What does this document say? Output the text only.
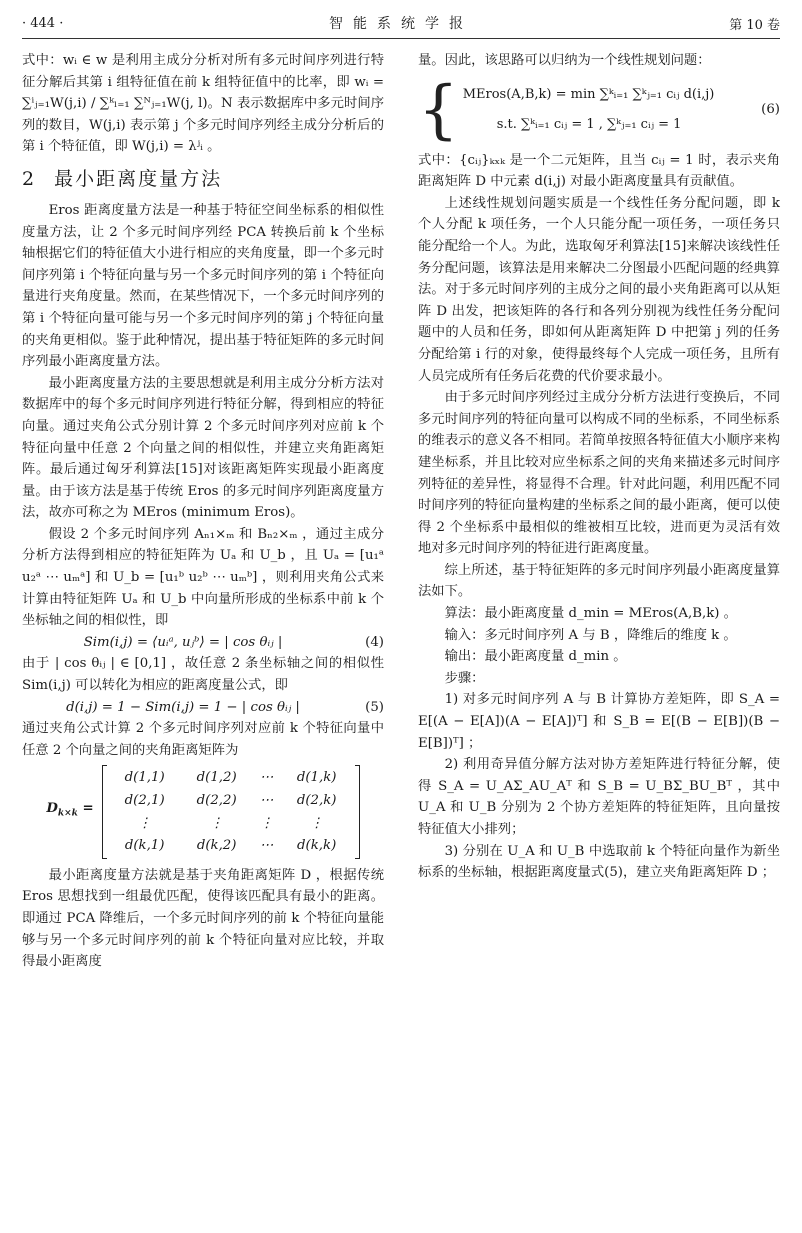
· 444 ·	智能系统学报	第 10 卷

式中：wᵢ ∈ w 是利用主成分分析对所有多元时间序列进行特征分解后其第 i 组特征值在前 k 组特征值中的比率，即 wᵢ = ∑ⁱⱼ₌₁W(j,i) ∕ ∑ᵏₗ₌₁ ∑ᴺⱼ₌₁W(j, l)。N 表示数据库中多元时间序列的数目，W(j,i) 表示第 j 个多元时间序列经主成分分析后的第 i 个特征值，即 W(j,i) = λʲᵢ 。

2 最小距离度量方法

Eros 距离度量方法是一种基于特征空间坐标系的相似性度量方法，让 2 个多元时间序列经 PCA 转换后前 k 个坐标轴根据它们的特征值大小进行相应的夹角度量，即一个多元时间序列第 i 个特征向量与另一个多元时间序列的第 i 个特征向量进行夹角度量。然而，在某些情况下，一个多元时间序列的第 i 个特征向量可能与另一个多元时间序列的第 j 个特征向量的夹角更相似。鉴于此种情况，提出基于特征矩阵的多元时间序列最小距离度量方法。

最小距离度量方法的主要思想就是利用主成分分析方法对数据库中的每个多元时间序列进行特征分解，得到相应的特征向量。通过夹角公式分别计算 2 个多元时间序列对应前 k 个特征向量中任意 2 个向量之间的相似性，并建立夹角距离矩阵。最后通过匈牙利算法[15]对该距离矩阵实现最小距离度量。由于该方法是基于传统 Eros 的多元时间序列距离度量方法，故亦可称之为 MEros (minimum Eros)。

假设 2 个多元时间序列 Aₙ₁×ₘ 和 Bₙ₂×ₘ ，通过主成分分析方法得到相应的特征矩阵为 Uₐ 和 U_b ，且 Uₐ = [u₁ᵃ u₂ᵃ ⋯ uₘᵃ] 和 U_b = [u₁ᵇ u₂ᵇ ⋯ uₘᵇ] ，则利用夹角公式来计算由特征矩阵 Uₐ 和 U_b 中向量所形成的坐标系中前 k 个坐标轴之间的相似性，即

Sim(i,j) = ⟨uᵢᵃ, uⱼᵇ⟩ = | cos θᵢⱼ |	(4)

由于 | cos θᵢⱼ | ∈ [0,1] ，故任意 2 条坐标轴之间的相似性 Sim(i,j) 可以转化为相应的距离度量公式，即

d(i,j) = 1 − Sim(i,j) = 1 − | cos θᵢⱼ |	(5)

通过夹角公式计算 2 个多元时间序列对应前 k 个特征向量中任意 2 个向量之间的夹角距离矩阵为

$D_{k\times k}$ =
d(1,1)	d(1,2)	⋯	d(1,k)
d(2,1)	d(2,2)	⋯	d(2,k)
⋮	⋮	⋮	⋮
d(k,1)	d(k,2)	⋯	d(k,k)

最小距离度量方法就是基于夹角距离矩阵 D ，根据传统 Eros 思想找到一组最优匹配，使得该匹配具有最小的距离。即通过 PCA 降维后，一个多元时间序列的前 k 个特征向量能够与另一个多元时间序列的前 k 个特征向量对应比较，并取得最小距离度

量。因此，该思路可以归纳为一个线性规划问题：

{ MEros(A,B,k) = min ∑ᵏᵢ₌₁ ∑ᵏⱼ₌₁ cᵢⱼ d(i,j)
s.t. ∑ᵏᵢ₌₁ cᵢⱼ = 1 , ∑ᵏⱼ₌₁ cᵢⱼ = 1
(6)

式中：{cᵢⱼ}ₖₓₖ 是一个二元矩阵，且当 cᵢⱼ = 1 时，表示夹角距离矩阵 D 中元素 d(i,j) 对最小距离度量具有贡献值。

上述线性规划问题实质是一个线性任务分配问题，即 k 个人分配 k 项任务，一个人只能分配一项任务，一项任务只能分配给一个人。为此，选取匈牙利算法[15]来解决该线性任务分配问题，该算法是用来解决二分图最小匹配问题的经典算法。对于多元时间序列的主成分之间的最小夹角距离可以从矩阵 D 出发，把该矩阵的各行和各列分别视为线性任务分配问题中的人员和任务，即如何从距离矩阵 D 中把第 j 列的任务分配给第 i 行的对象，使得最终每个人完成一项任务，且所有人员完成所有任务后花费的代价要求最小。

由于多元时间序列经过主成分分析方法进行变换后，不同多元时间序列的特征向量可以构成不同的坐标系，不同坐标系的维表示的意义各不相同。若简单按照各特征值大小顺序来构建坐标系，并且比较对应坐标系之间的夹角来描述多元时间序列特征的差异性，将显得不合理。针对此问题，利用匹配不同时间序列的特征向量构建的坐标系之间的最小距离，便可以使得 2 个坐标系中最相似的维被相互比较，进而更为灵活有效地对多元时间序列的特征进行距离度量。

综上所述，基于特征矩阵的多元时间序列最小距离度量算法如下。

算法：最小距离度量 d_min = MEros(A,B,k) 。

输入：多元时间序列 A 与 B ，降维后的维度 k 。

输出：最小距离度量 d_min 。

步骤：

1) 对多元时间序列 A 与 B 计算协方差矩阵，即 S_A = E[(A − E[A])(A − E[A])ᵀ] 和 S_B = E[(B − E[B])(B − E[B])ᵀ] ；

2) 利用奇异值分解方法对协方差矩阵进行特征分解，使得 S_A = U_AΣ_AU_Aᵀ 和 S_B = U_BΣ_BU_Bᵀ ，其中 U_A 和 U_B 分别为 2 个协方差矩阵的特征矩阵，且向量按特征值大小排列；

3) 分别在 U_A 和 U_B 中选取前 k 个特征向量作为新坐标系的坐标轴，根据距离度量式(5)，建立夹角距离矩阵 D ；
